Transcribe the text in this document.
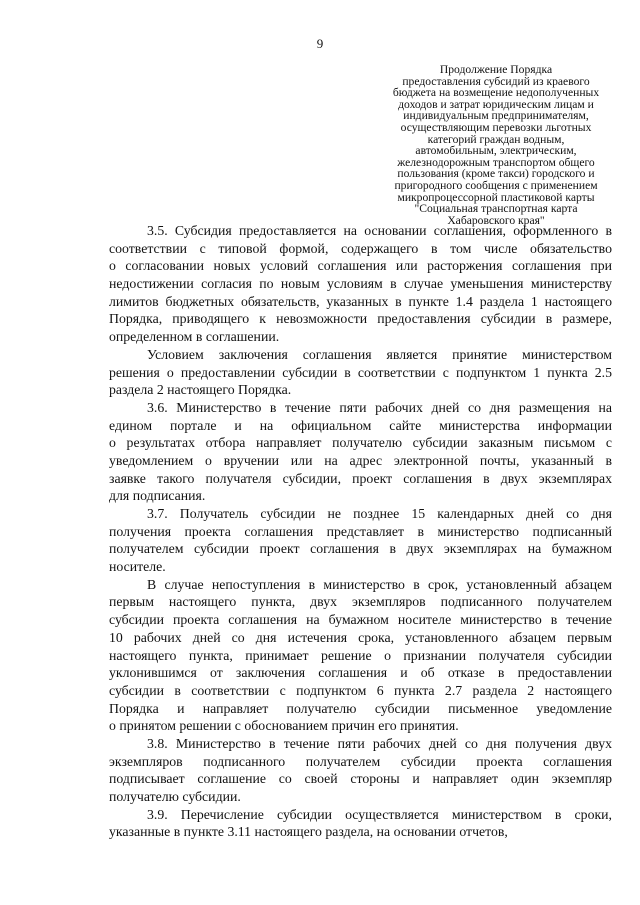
9
Продолжение Порядка
предоставления субсидий из краевого
бюджета на возмещение недополученных
доходов и затрат юридическим лицам и
индивидуальным предпринимателям,
осуществляющим перевозки льготных
категорий граждан водным,
автомобильным, электрическим,
железнодорожным транспортом общего
пользования (кроме такси) городского и
пригородного сообщения с применением
микропроцессорной пластиковой карты
"Социальная транспортная карта
Хабаровского края"
3.5. Субсидия предоставляется на основании соглашения, оформленного в
соответствии с типовой формой, содержащего в том числе обязательство
о согласовании новых условий соглашения или расторжения соглашения при
недостижении согласия по новым условиям в случае уменьшения министерству
лимитов бюджетных обязательств, указанных в пункте 1.4 раздела 1 настоящего
Порядка, приводящего к невозможности предоставления субсидии в размере,
определенном в соглашении.
Условием заключения соглашения является принятие министерством
решения о предоставлении субсидии в соответствии с подпунктом 1 пункта 2.5
раздела 2 настоящего Порядка.
3.6. Министерство в течение пяти рабочих дней со дня размещения на
едином портале и на официальном сайте министерства информации
о результатах отбора направляет получателю субсидии заказным письмом с
уведомлением о вручении или на адрес электронной почты, указанный в
заявке такого получателя субсидии, проект соглашения в двух экземплярах
для подписания.
3.7. Получатель субсидии не позднее 15 календарных дней со дня
получения проекта соглашения представляет в министерство подписанный
получателем субсидии проект соглашения в двух экземплярах на бумажном
носителе.
В случае непоступления в министерство в срок, установленный абзацем
первым настоящего пункта, двух экземпляров подписанного получателем
субсидии проекта соглашения на бумажном носителе министерство в течение
10 рабочих дней со дня истечения срока, установленного абзацем первым
настоящего пункта, принимает решение о признании получателя субсидии
уклонившимся от заключения соглашения и об отказе в предоставлении
субсидии в соответствии с подпунктом 6 пункта 2.7 раздела 2 настоящего
Порядка и направляет получателю субсидии письменное уведомление
о принятом решении с обоснованием причин его принятия.
3.8. Министерство в течение пяти рабочих дней со дня получения двух
экземпляров подписанного получателем субсидии проекта соглашения
подписывает соглашение со своей стороны и направляет один экземпляр
получателю субсидии.
3.9. Перечисление субсидии осуществляется министерством в сроки,
указанные в пункте 3.11 настоящего раздела, на основании отчетов,
